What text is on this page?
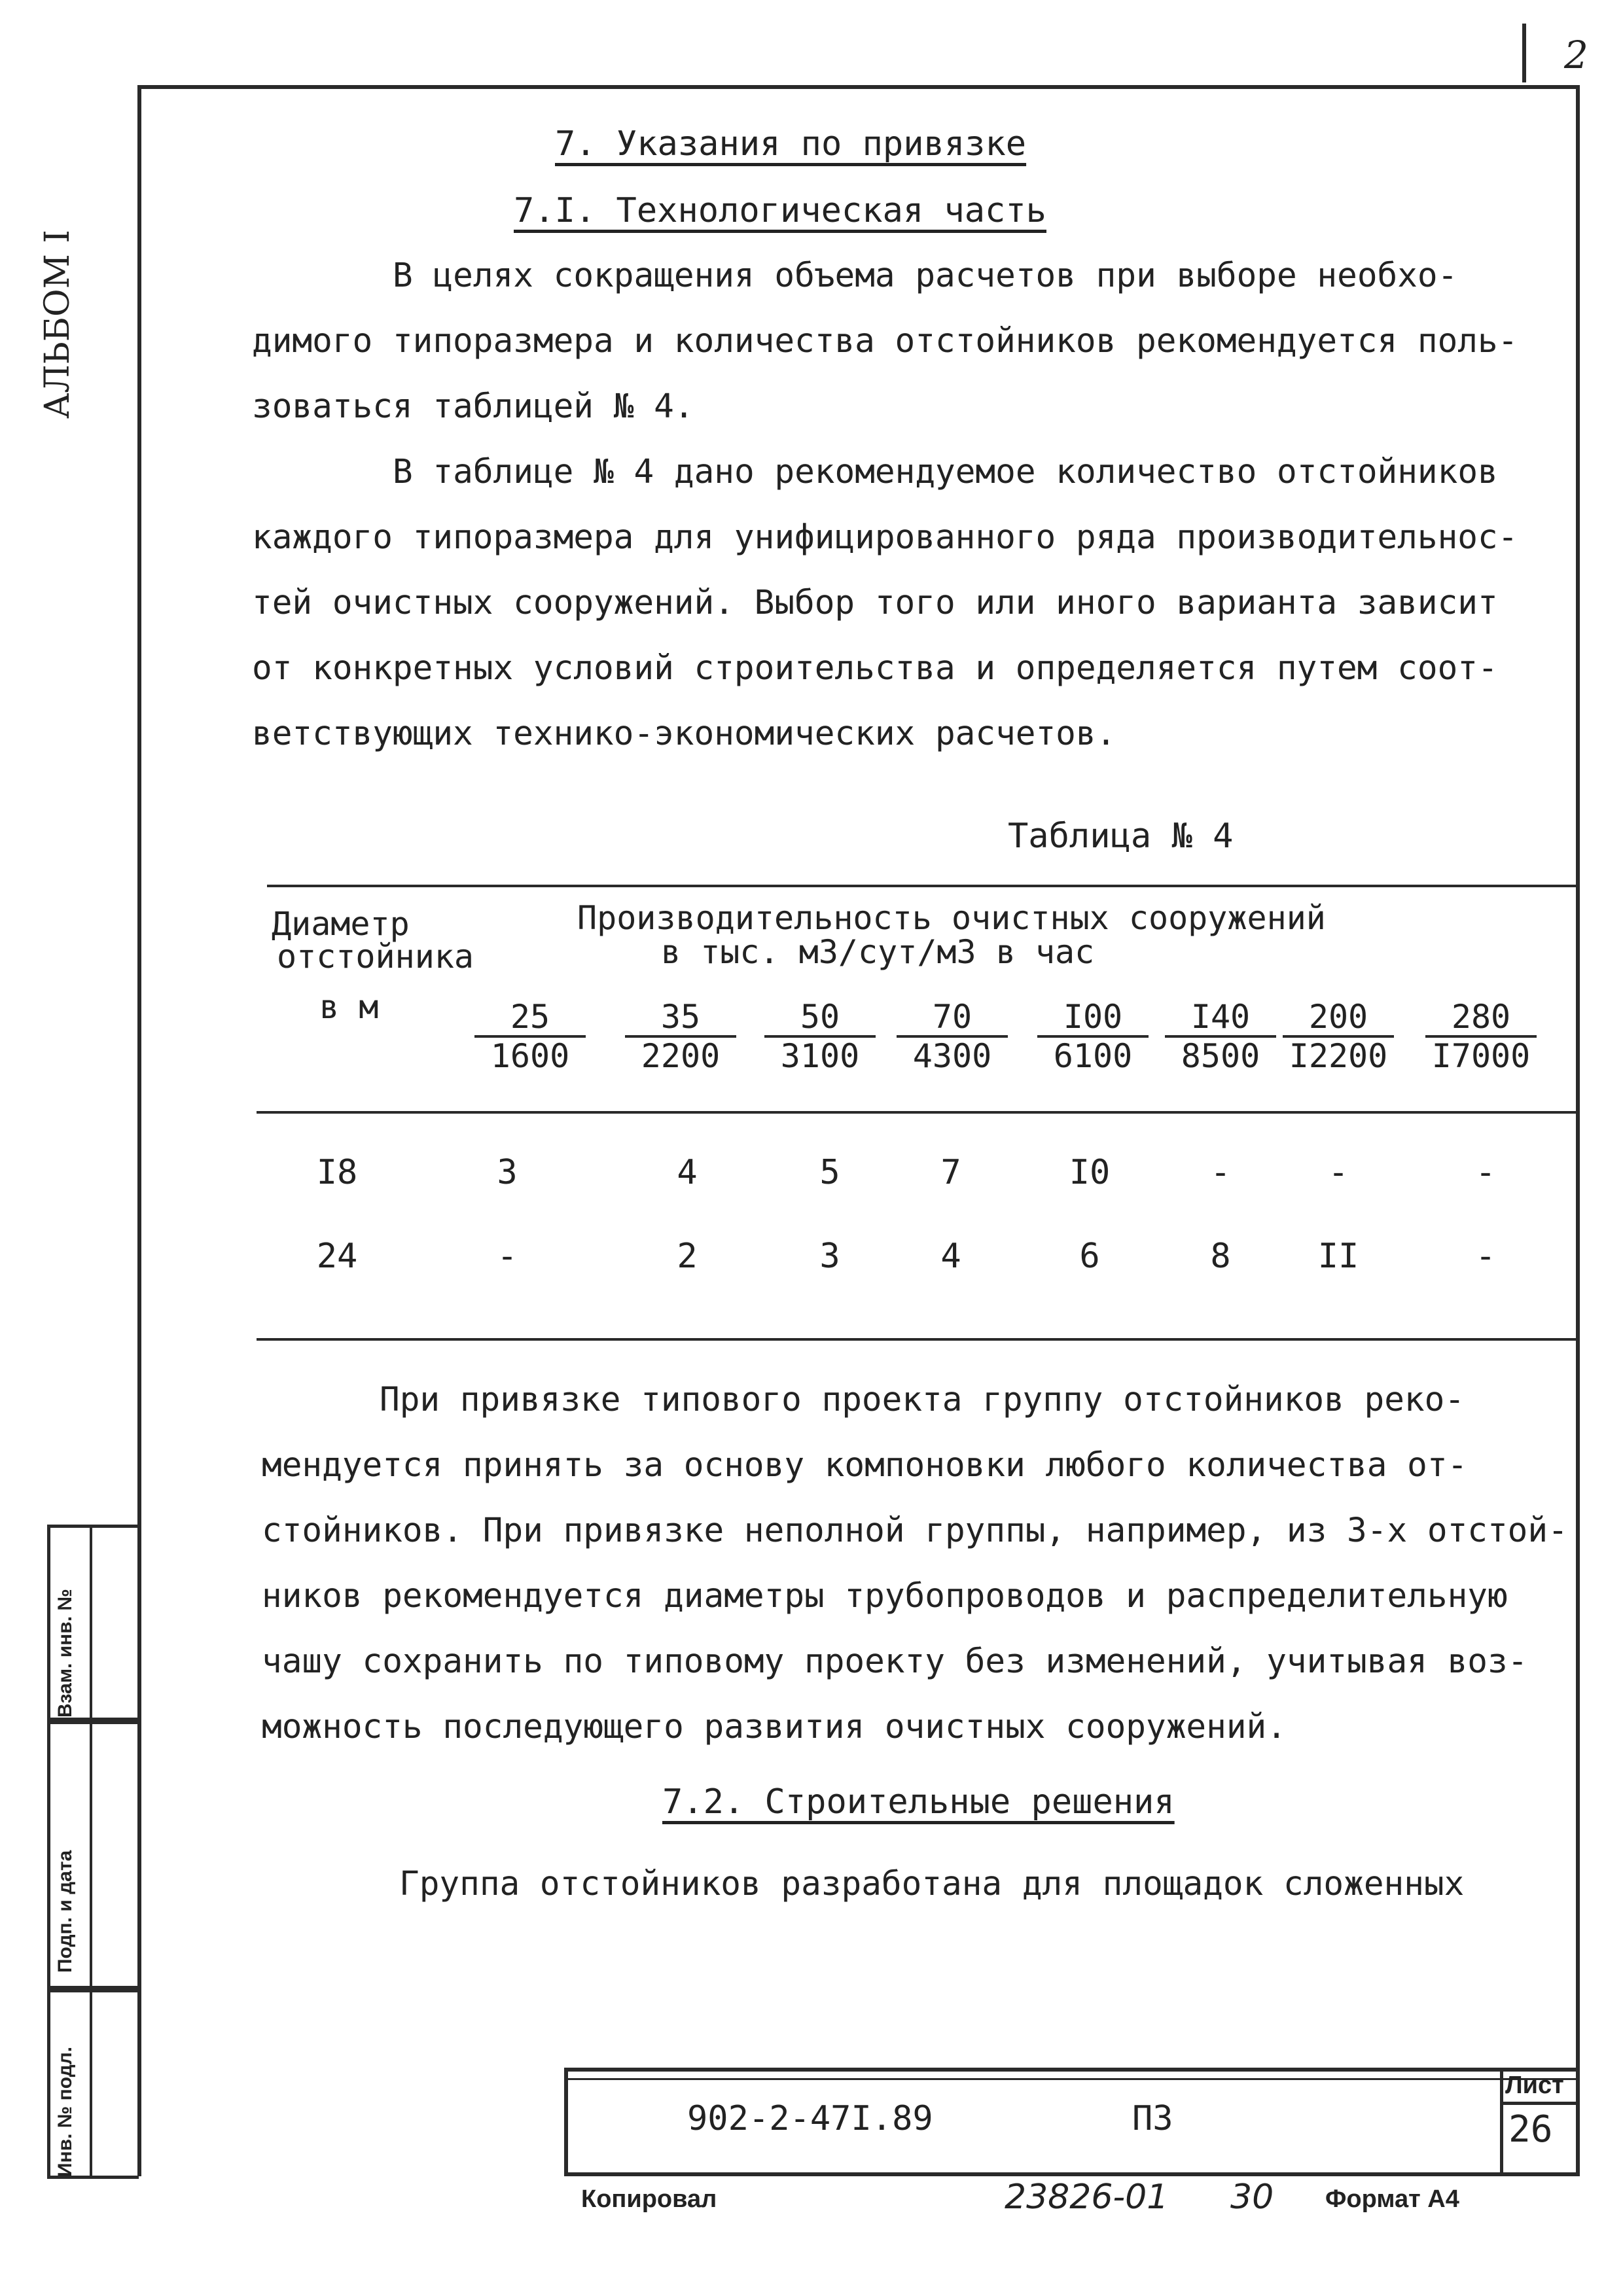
2
АЛЬБОМ I
7. Указания по привязке
7.I. Технологическая часть
В целях сокращения объема расчетов при выборе необхо-
димого типоразмера и количества отстойников рекомендуется поль-
зоваться таблицей № 4.
В таблице № 4 дано рекомендуемое количество отстойников
каждого типоразмера для унифицированного ряда производительнос-
тей очистных сооружений. Выбор того или иного варианта зависит
от конкретных условий строительства и определяется путем соот-
ветствующих технико-экономических расчетов.
Таблица № 4
Диаметр
отстойника
в м
Производительность очистных сооружений
в тыс. м3/сут/м3 в час
$\frac{25}{1600} \frac{35}{2200} \frac{50}{3100} \frac{70}{4300} \frac{I00}{6100} \frac{I40}{8500} \frac{200}{I2200} \frac{280}{I7000}$
I8	3	4	5	7	I0	-	-	-
24	-	2	3	4	6	8	II	-
При привязке типового проекта группу отстойников реко-
мендуется принять за основу компоновки любого количества от-
стойников. При привязке неполной группы, например, из 3-х отстой-
ников рекомендуется диаметры трубопроводов и распределительную
чашу сохранить по типовому проекту без изменений, учитывая воз-
можность последующего развития очистных сооружений.
7.2. Строительные решения
Группа отстойников разработана для площадок сложенных
Взам. инв. №
Подп. и дата
Инв. № подл.	902-2-47I.89	ПЗ
Лист
26
Копировал	23826-01 30 Формат А4
